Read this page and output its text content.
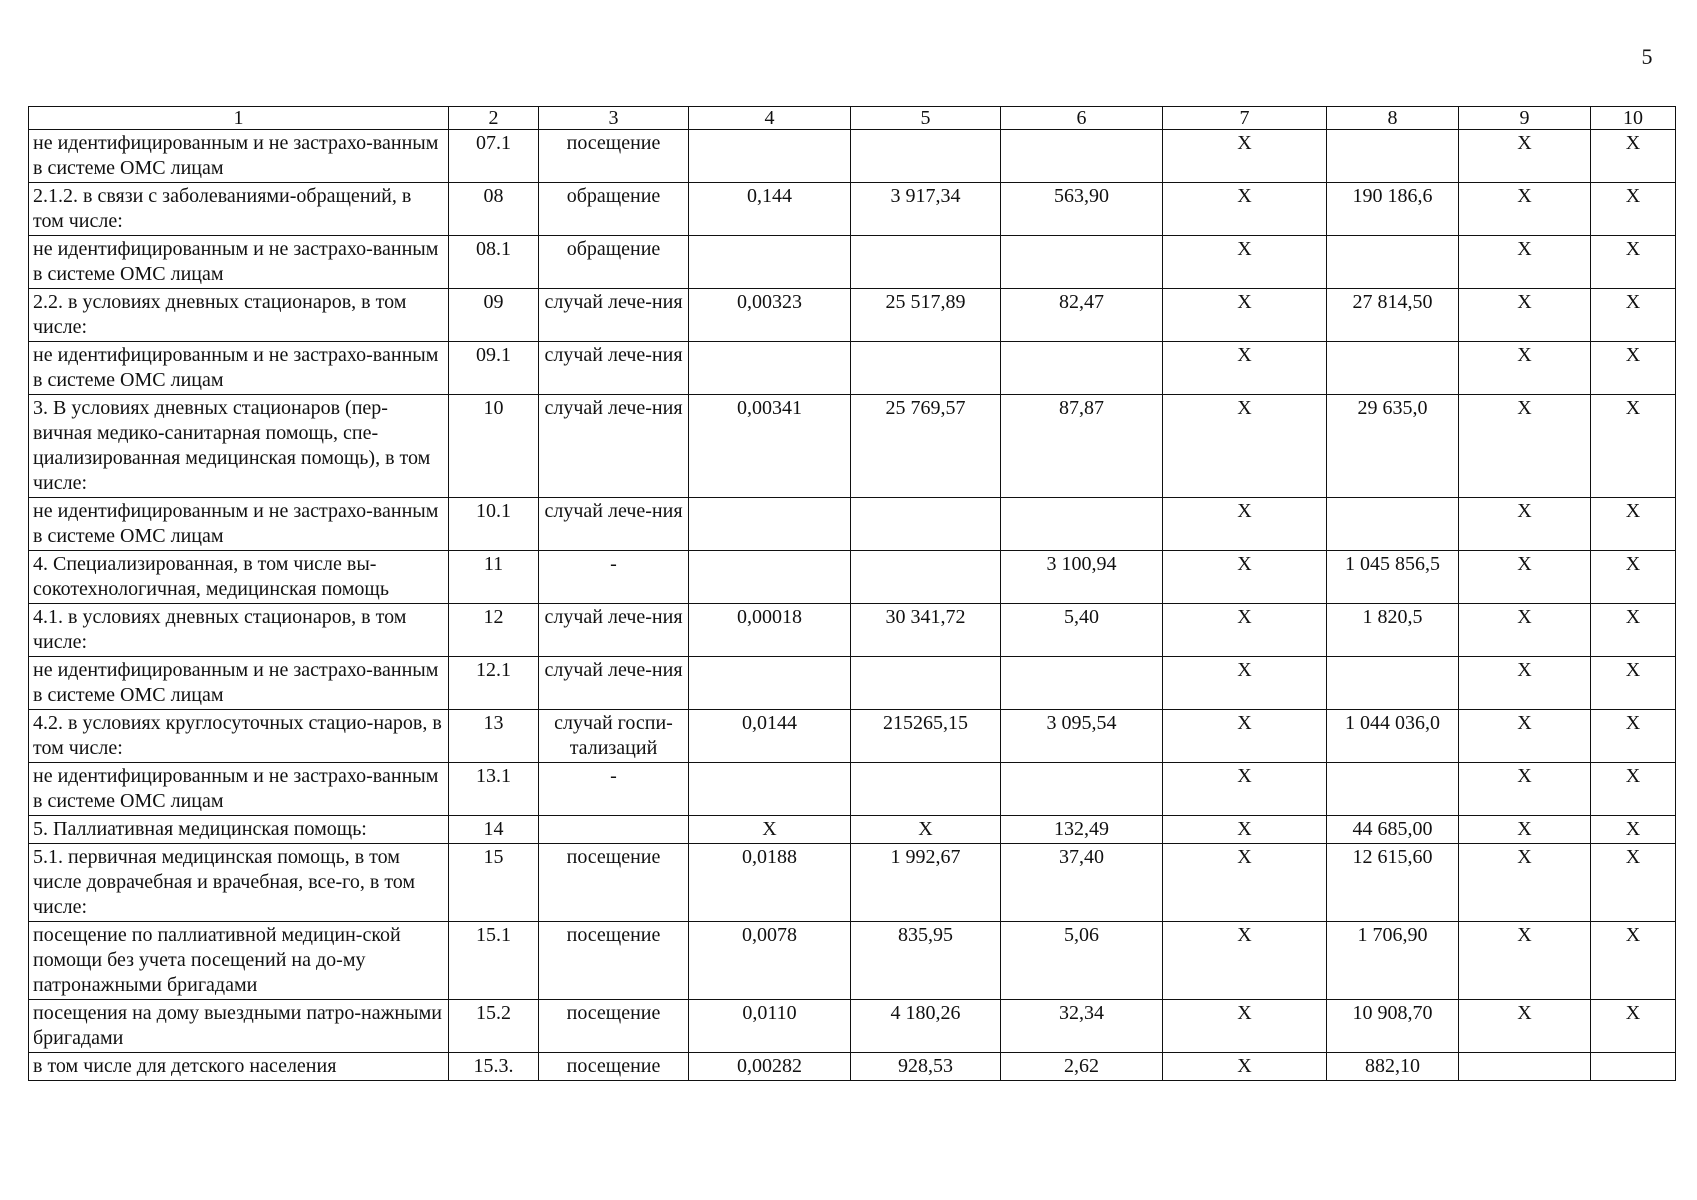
5
1	2	3	4	5	6	7	8	9	10
не идентифицированным и не застрахо-ванным в системе ОМС лицам	07.1	посещение				X		X	X
2.1.2. в связи с заболеваниями-обращений, в том числе:	08	обращение	0,144	3 917,34	563,90	X	190 186,6	X	X
не идентифицированным и не застрахо-ванным в системе ОМС лицам	08.1	обращение				X		X	X
2.2. в условиях дневных стационаров, в том числе:	09	случай лече-ния	0,00323	25 517,89	82,47	X	27 814,50	X	X
не идентифицированным и не застрахо-ванным в системе ОМС лицам	09.1	случай лече-ния				X		X	X
3. В условиях дневных стационаров (пер-вичная медико-санитарная помощь, спе-циализированная медицинская помощь), в том числе:	10	случай лече-ния	0,00341	25 769,57	87,87	X	29 635,0	X	X
не идентифицированным и не застрахо-ванным в системе ОМС лицам	10.1	случай лече-ния				X		X	X
4. Специализированная, в том числе вы-сокотехнологичная, медицинская помощь	11	-			3 100,94	X	1 045 856,5	X	X
4.1. в условиях дневных стационаров, в том числе:	12	случай лече-ния	0,00018	30 341,72	5,40	X	1 820,5	X	X
не идентифицированным и не застрахо-ванным в системе ОМС лицам	12.1	случай лече-ния				X		X	X
4.2. в условиях круглосуточных стацио-наров, в том числе:	13	случай госпи-тализаций	0,0144	215265,15	3 095,54	X	1 044 036,0	X	X
не идентифицированным и не застрахо-ванным в системе ОМС лицам	13.1	-				X		X	X
5. Паллиативная медицинская помощь:	14		X	X	132,49	X	44 685,00	X	X
5.1. первичная медицинская помощь, в том числе доврачебная и врачебная, все-го, в том числе:	15	посещение	0,0188	1 992,67	37,40	X	12 615,60	X	X
посещение по паллиативной медицин-ской помощи без учета посещений на до-му патронажными бригадами	15.1	посещение	0,0078	835,95	5,06	X	1 706,90	X	X
посещения на дому выездными патро-нажными бригадами	15.2	посещение	0,0110	4 180,26	32,34	X	10 908,70	X	X
в том числе для детского населения	15.3.	посещение	0,00282	928,53	2,62	X	882,10		
